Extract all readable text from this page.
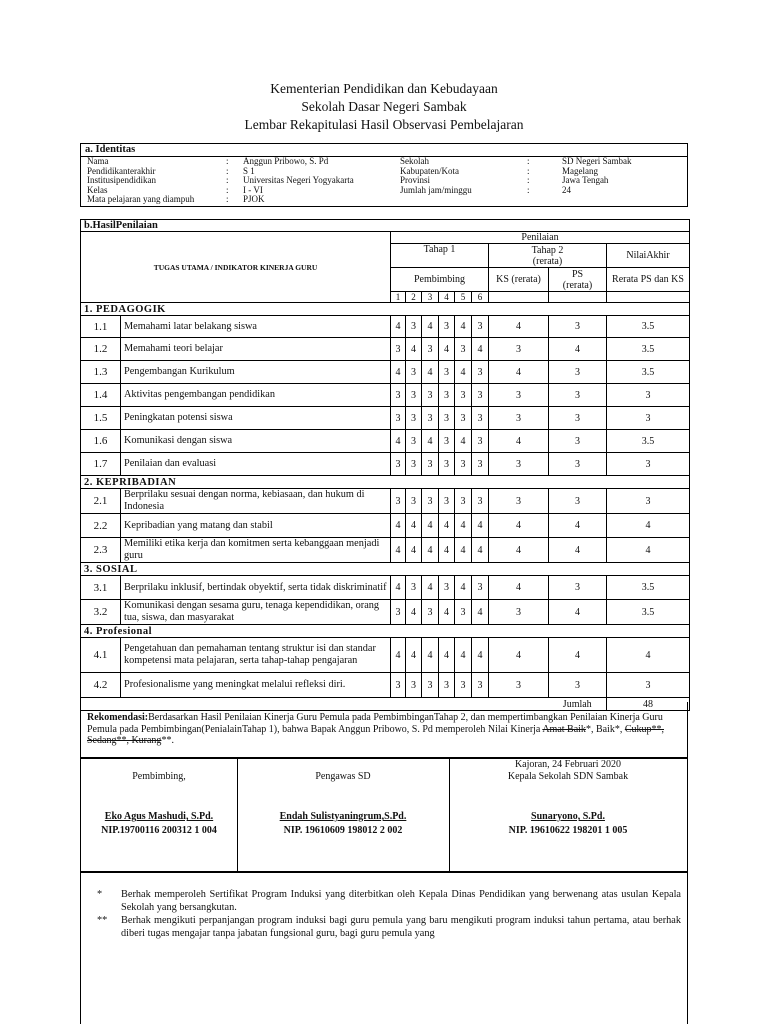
Kementerian Pendidikan dan Kebudayaan
Sekolah Dasar Negeri Sambak
Lembar Rekapitulasi Hasil Observasi Pembelajaran
a. Identitas
Nama	: Anggun Pribowo, S. Pd
Pendidikanterakhir	: S 1
Institusipendidikan	: Universitas Negeri Yogyakarta
Kelas	: I - VI
Mata pelajaran yang diampuh	: PJOK
Sekolah	:	SD Negeri Sambak
Kabupaten/Kota	:	Magelang
Provinsi	:	Jawa Tengah
Jumlah jam/minggu	:	24
b.HasilPenilaian										
TUGAS UTAMA / INDIKATOR KINERJA GURU		Penilaian								
		Tahap 1						Tahap 2
(rerata)		NilaiAkhir
		Pembimbing						KS (rerata)	PS
(rerata)	Rerata PS dan KS
		1	2	3	4	5	6			
1. PEDAGOGIK										
1.1	Memahami latar belakang siswa	4	3	4	3	4	3	4	3	3.5
1.2	Memahami teori belajar	3	4	3	4	3	4	3	4	3.5
1.3	Pengembangan Kurikulum	4	3	4	3	4	3	4	3	3.5
1.4	Aktivitas pengembangan pendidikan	3	3	3	3	3	3	3	3	3
1.5	Peningkatan potensi siswa	3	3	3	3	3	3	3	3	3
1.6	Komunikasi dengan siswa	4	3	4	3	4	3	4	3	3.5
1.7	Penilaian dan evaluasi	3	3	3	3	3	3	3	3	3
2. KEPRIBADIAN										
2.1	Berprilaku sesuai dengan norma, kebiasaan, dan hukum di Indonesia	3	3	3	3	3	3	3	3	3
2.2	Kepribadian yang matang dan stabil	4	4	4	4	4	4	4	4	4
2.3	Memiliki etika kerja dan komitmen serta kebanggaan menjadi guru	4	4	4	4	4	4	4	4	4
3. SOSIAL										
3.1	Berprilaku inklusif, bertindak obyektif, serta tidak diskriminatif	4	3	4	3	4	3	4	3	3.5
3.2	Komunikasi dengan sesama guru, tenaga kependidikan, orang tua, siswa, dan masyarakat	3	4	3	4	3	4	3	4	3.5
4. Profesional										
4.1	Pengetahuan dan pemahaman tentang struktur isi dan standar kompetensi mata pelajaran, serta tahap-tahap pengajaran	4	4	4	4	4	4	4	4	4
4.2	Profesionalisme yang meningkat melalui refleksi diri.	3	3	3	3	3	3	3	3	3
									Jumlah	48
Rekomendasi:Berdasarkan Hasil Penilaian Kinerja Guru Pemula pada PembimbinganTahap 2, dan mempertimbangkan Penilaian Kinerja Guru Pemula pada Pembimbingan(PenialainTahap 1), bahwa Bapak Anggun Pribowo, S. Pd memperoleh Nilai Kinerja Amat Baik*, Baik*, Cukup**, Sedang**, Kurang**.
Pembimbing,
Eko Agus Mashudi, S.Pd.
NIP.19700116 200312 1 004
Pengawas SD
Endah Sulistyaningrum,S.Pd.
NIP. 19610609 198012 2 002
Kajoran, 24 Februari 2020
Kepala Sekolah SDN Sambak
Sunaryono, S.Pd.
NIP. 19610622 198201 1 005
* Berhak memperoleh Sertifikat Program Induksi yang diterbitkan oleh Kepala Dinas Pendidikan yang berwenang atas usulan Kepala Sekolah yang bersangkutan.
** Berhak mengikuti perpanjangan program induksi bagi guru pemula yang baru mengikuti program induksi tahun pertama, atau berhak diberi tugas mengajar tanpa jabatan fungsional guru, bagi guru pemula yang
